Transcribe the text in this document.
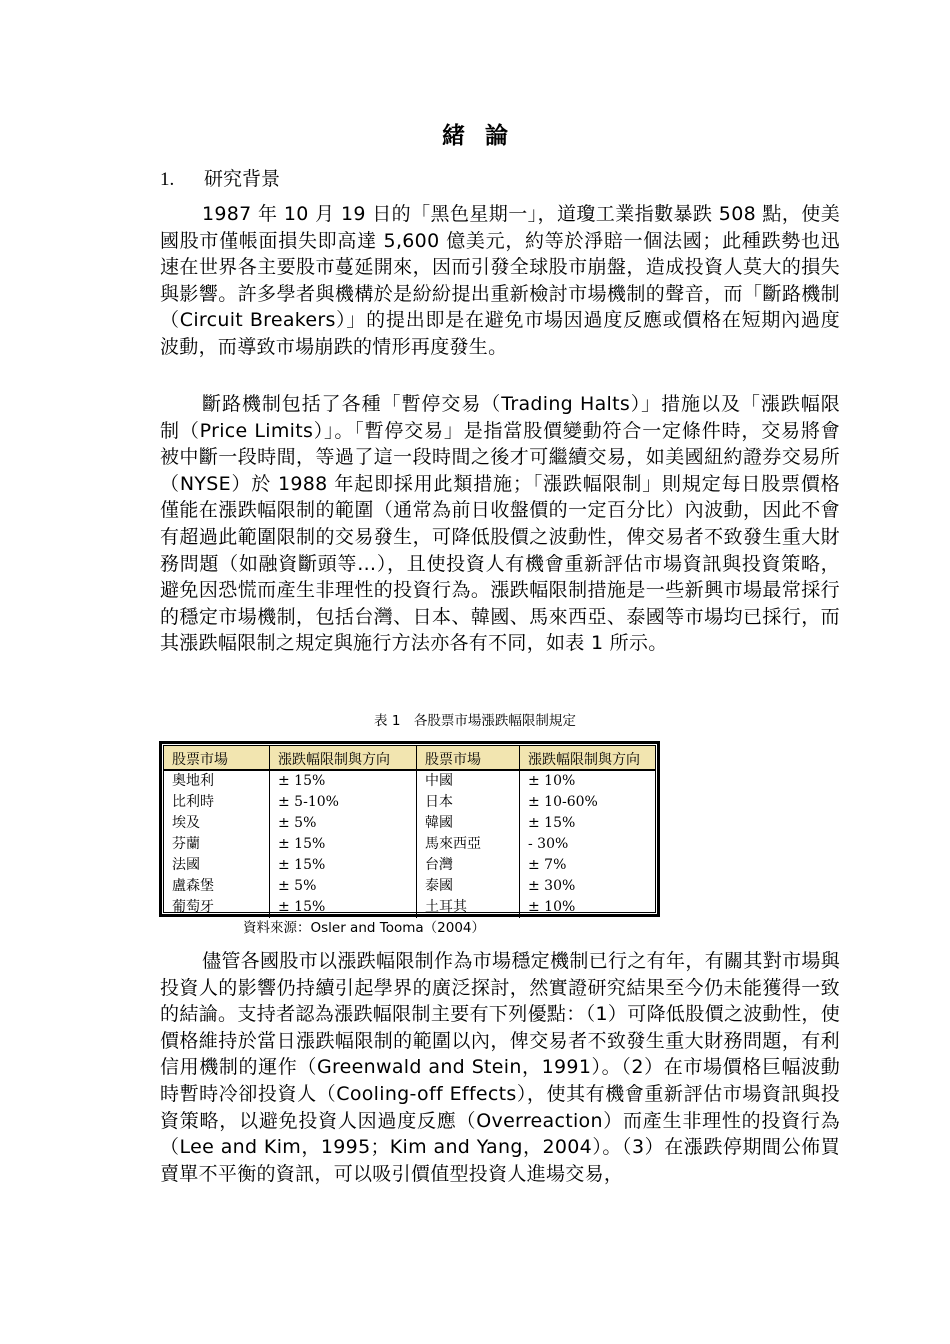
緒論
1. 研究背景

1987 年 10 月 19 日的「黑色星期一」，道瓊工業指數暴跌 508 點，使美國股市僅帳面損失即高達 5,600 億美元，約等於淨賠一個法國；此種跌勢也迅速在世界各主要股市蔓延開來，因而引發全球股市崩盤，造成投資人莫大的損失與影響。許多學者與機構於是紛紛提出重新檢討市場機制的聲音，而「斷路機制（Circuit Breakers）」的提出即是在避免市場因過度反應或價格在短期內過度波動，而導致市場崩跌的情形再度發生。

斷路機制包括了各種「暫停交易（Trading Halts）」措施以及「漲跌幅限制（Price Limits）」。「暫停交易」是指當股價變動符合一定條件時，交易將會被中斷一段時間，等過了這一段時間之後才可繼續交易，如美國紐約證券交易所（NYSE）於 1988 年起即採用此類措施；「漲跌幅限制」則規定每日股票價格僅能在漲跌幅限制的範圍（通常為前日收盤價的一定百分比）內波動，因此不會有超過此範圍限制的交易發生，可降低股價之波動性，俾交易者不致發生重大財務問題（如融資斷頭等…），且使投資人有機會重新評估市場資訊與投資策略，避免因恐慌而產生非理性的投資行為。漲跌幅限制措施是一些新興市場最常採行的穩定市場機制，包括台灣、日本、韓國、馬來西亞、泰國等市場均已採行，而其漲跌幅限制之規定與施行方法亦各有不同，如表 1 所示。

表 1　各股票市場漲跌幅限制規定
股票市場	漲跌幅限制與方向	股票市場	漲跌幅限制與方向
奧地利	± 15%	中國	± 10%
比利時	± 5-10%	日本	± 10-60%
埃及	± 5%	韓國	± 15%
芬蘭	± 15%	馬來西亞	- 30%
法國	± 15%	台灣	± 7%
盧森堡	± 5%	泰國	± 30%
葡萄牙	± 15%	土耳其	± 10%
資料來源：Osler and Tooma（2004）

儘管各國股市以漲跌幅限制作為市場穩定機制已行之有年，有關其對市場與投資人的影響仍持續引起學界的廣泛探討，然實證研究結果至今仍未能獲得一致的結論。支持者認為漲跌幅限制主要有下列優點：（1）可降低股價之波動性，使價格維持於當日漲跌幅限制的範圍以內，俾交易者不致發生重大財務問題，有利信用機制的運作（Greenwald and Stein，1991）。（2）在市場價格巨幅波動時暫時冷卻投資人（Cooling-off Effects），使其有機會重新評估市場資訊與投資策略，以避免投資人因過度反應（Overreaction）而產生非理性的投資行為（Lee and Kim，1995；Kim and Yang，2004）。（3）在漲跌停期間公佈買賣單不平衡的資訊，可以吸引價值型投資人進場交易，
